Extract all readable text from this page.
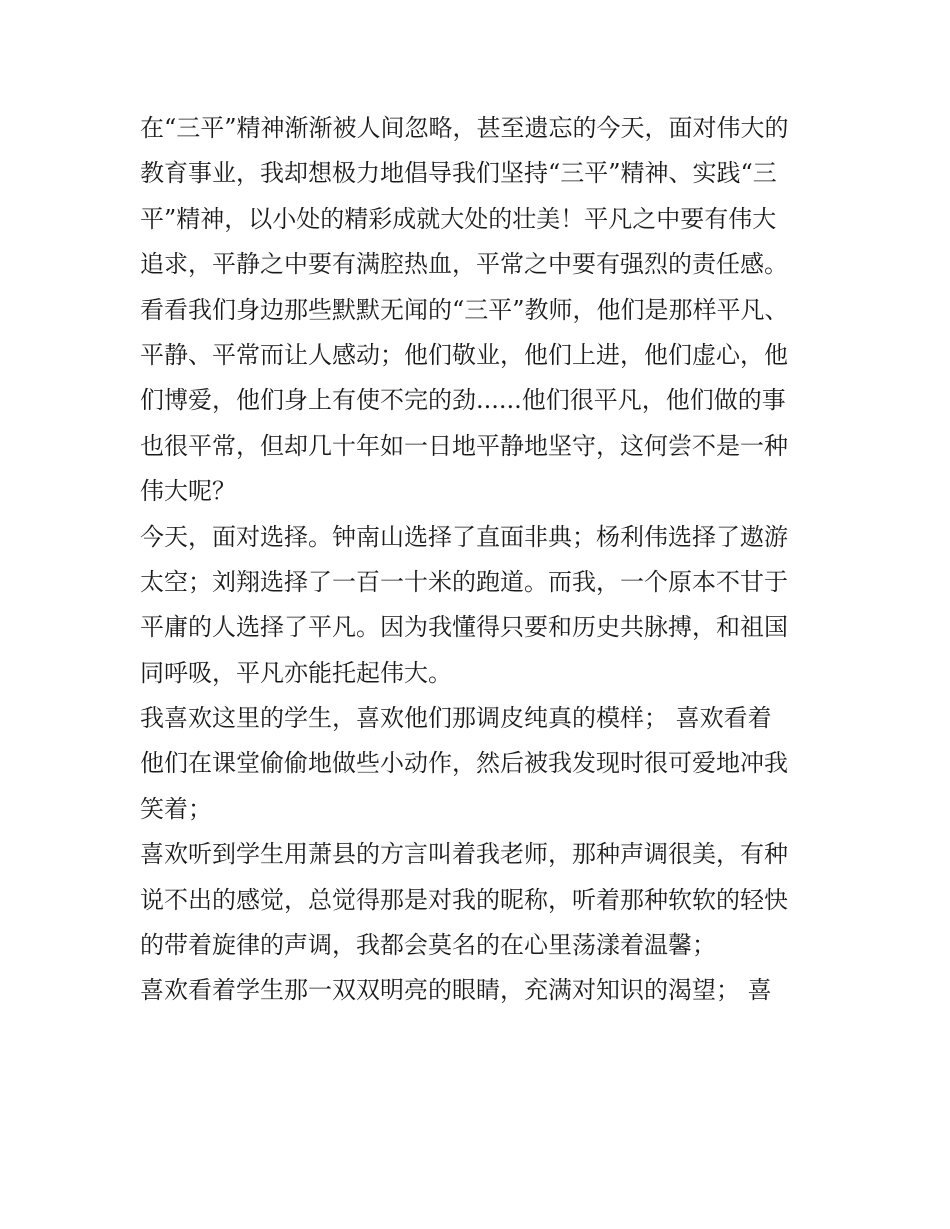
在“三平”精神渐渐被人间忽略，甚至遗忘的今天，面对伟大的
教育事业，我却想极力地倡导我们坚持“三平”精神、实践“三
平”精神，以小处的精彩成就大处的壮美！平凡之中要有伟大
追求，平静之中要有满腔热血，平常之中要有强烈的责任感。
看看我们身边那些默默无闻的“三平”教师，他们是那样平凡、
平静、平常而让人感动；他们敬业，他们上进，他们虚心，他
们博爱，他们身上有使不完的劲......他们很平凡，他们做的事
也很平常，但却几十年如一日地平静地坚守，这何尝不是一种
伟大呢？
今天，面对选择。钟南山选择了直面非典；杨利伟选择了遨游
太空；刘翔选择了一百一十米的跑道。而我，一个原本不甘于
平庸的人选择了平凡。因为我懂得只要和历史共脉搏，和祖国
同呼吸，平凡亦能托起伟大。
我喜欢这里的学生，喜欢他们那调皮纯真的模样； 喜欢看着
他们在课堂偷偷地做些小动作，然后被我发现时很可爱地冲我
笑着；
喜欢听到学生用萧县的方言叫着我老师，那种声调很美，有种
说不出的感觉，总觉得那是对我的昵称，听着那种软软的轻快
的带着旋律的声调，我都会莫名的在心里荡漾着温馨；
喜欢看着学生那一双双明亮的眼睛，充满对知识的渴望； 喜
